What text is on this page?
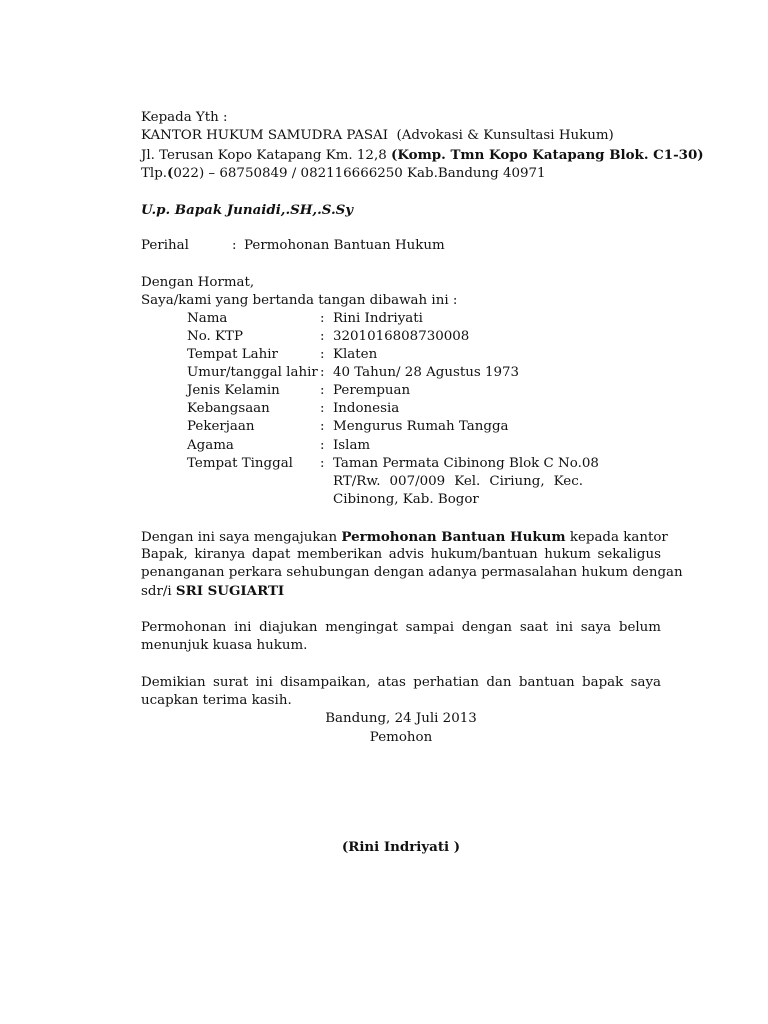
Kepada Yth :
KANTOR HUKUM SAMUDRA PASAI (Advokasi & Kunsultasi Hukum)
Jl. Terusan Kopo Katapang Km. 12,8 (Komp. Tmn Kopo Katapang Blok. C1-30)
Tlp.(022) – 68750849 / 082116666250 Kab.Bandung 40971
U.p. Bapak Junaidi,.SH,.S.Sy
Perihal	: Permohonan Bantuan Hukum
Dengan Hormat,
Saya/kami yang bertanda tangan dibawah ini :
Nama	: Rini Indriyati
No. KTP	: 3201016808730008
Tempat Lahir	: Klaten
Umur/tanggal lahir : 40 Tahun/ 28 Agustus 1973
Jenis Kelamin	: Perempuan
Kebangsaan	: Indonesia
Pekerjaan	: Mengurus Rumah Tangga
Agama	: Islam
Tempat Tinggal : Taman Permata Cibinong Blok C No.08
RT/Rw. 007/009 Kel. Ciriung, Kec.
Cibinong, Kab. Bogor
Dengan ini saya mengajukan Permohonan Bantuan Hukum kepada kantor
Bapak, kiranya dapat memberikan advis hukum/bantuan hukum sekaligus
penanganan perkara sehubungan dengan adanya permasalahan hukum dengan
sdr/i SRI SUGIARTI
Permohonan ini diajukan mengingat sampai dengan saat ini saya belum
menunjuk kuasa hukum.
Demikian surat ini disampaikan, atas perhatian dan bantuan bapak saya
ucapkan terima kasih.
Bandung, 24 Juli 2013
Pemohon
(Rini Indriyati )
